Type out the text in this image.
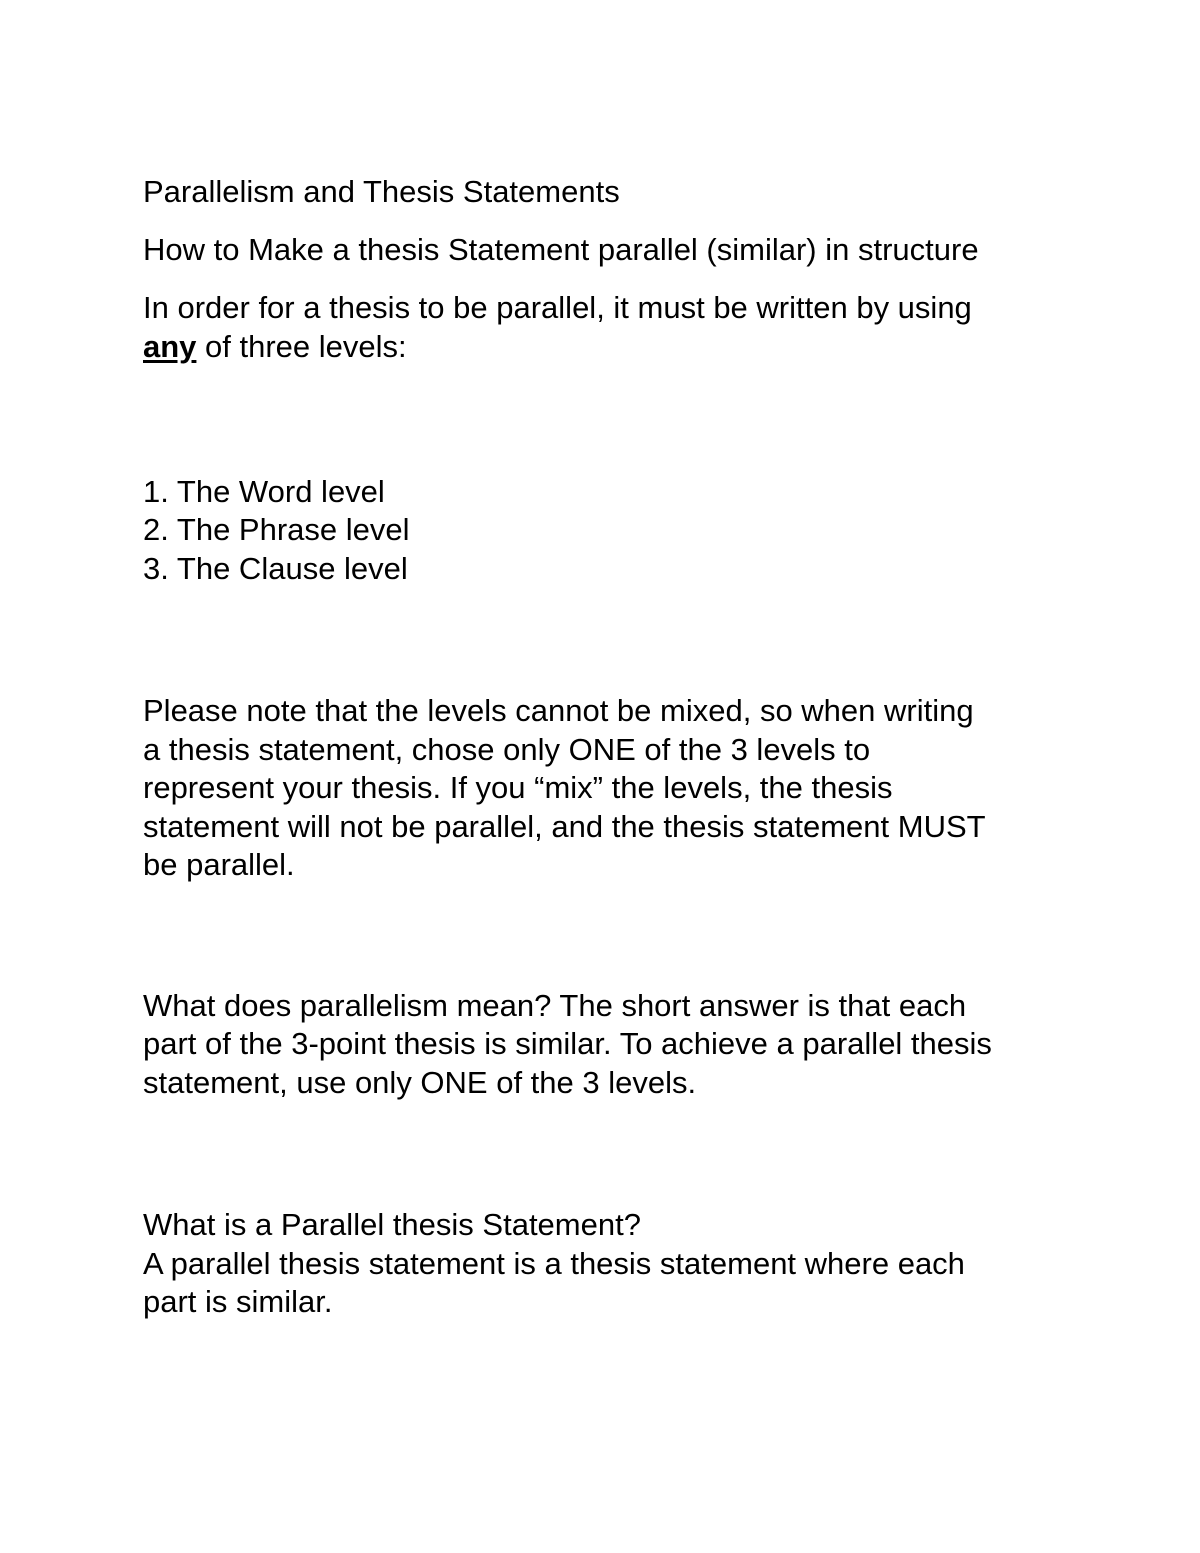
Parallelism and Thesis Statements
How to Make a thesis Statement parallel (similar) in structure
In order for a thesis to be parallel, it must be written by using
any of three levels:
1. The Word level
2. The Phrase level
3. The Clause level
Please note that the levels cannot be mixed, so when writing
a thesis statement, chose only ONE of the 3 levels to
represent your thesis. If you “mix” the levels, the thesis
statement will not be parallel, and the thesis statement MUST
be parallel.
What does parallelism mean? The short answer is that each
part of the 3-point thesis is similar. To achieve a parallel thesis
statement, use only ONE of the 3 levels.
What is a Parallel thesis Statement?
A parallel thesis statement is a thesis statement where each
part is similar.
